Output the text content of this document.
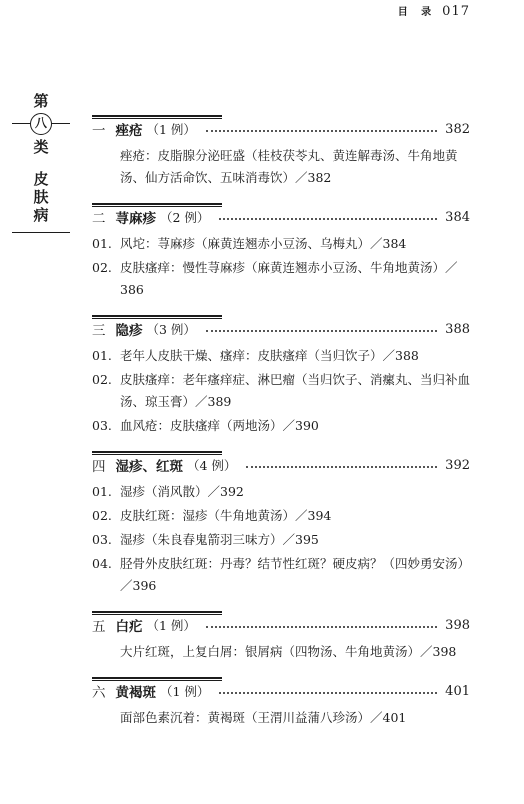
目 录 017
第
八
类
皮
肤
病
一 痤疮 （1 例）	382
痤疮：皮脂腺分泌旺盛（桂枝茯苓丸、黄连解毒汤、牛角地黄汤、仙方活命饮、五味消毒饮）／382
二 荨麻疹 （2 例）	384
01. 风坨：荨麻疹（麻黄连翘赤小豆汤、乌梅丸）／384
02. 皮肤瘙痒：慢性荨麻疹（麻黄连翘赤小豆汤、牛角地黄汤）／386
三 隐疹 （3 例）	388
01. 老年人皮肤干燥、瘙痒：皮肤瘙痒（当归饮子）／388
02. 皮肤瘙痒：老年瘙痒症、淋巴瘤（当归饮子、消瘰丸、当归补血汤、琼玉膏）／389
03. 血风疮：皮肤瘙痒（两地汤）／390
四 湿疹、红斑 （4 例）	392
01. 湿疹（消风散）／392
02. 皮肤红斑：湿疹（牛角地黄汤）／394
03. 湿疹（朱良春鬼箭羽三味方）／395
04. 胫骨外皮肤红斑：丹毒？结节性红斑？硬皮病？（四妙勇安汤）／396
五 白疕 （1 例）	398
大片红斑，上复白屑：银屑病（四物汤、牛角地黄汤）／398
六 黄褐斑 （1 例）	401
面部色素沉着：黄褐斑（王渭川益蒲八珍汤）／401
